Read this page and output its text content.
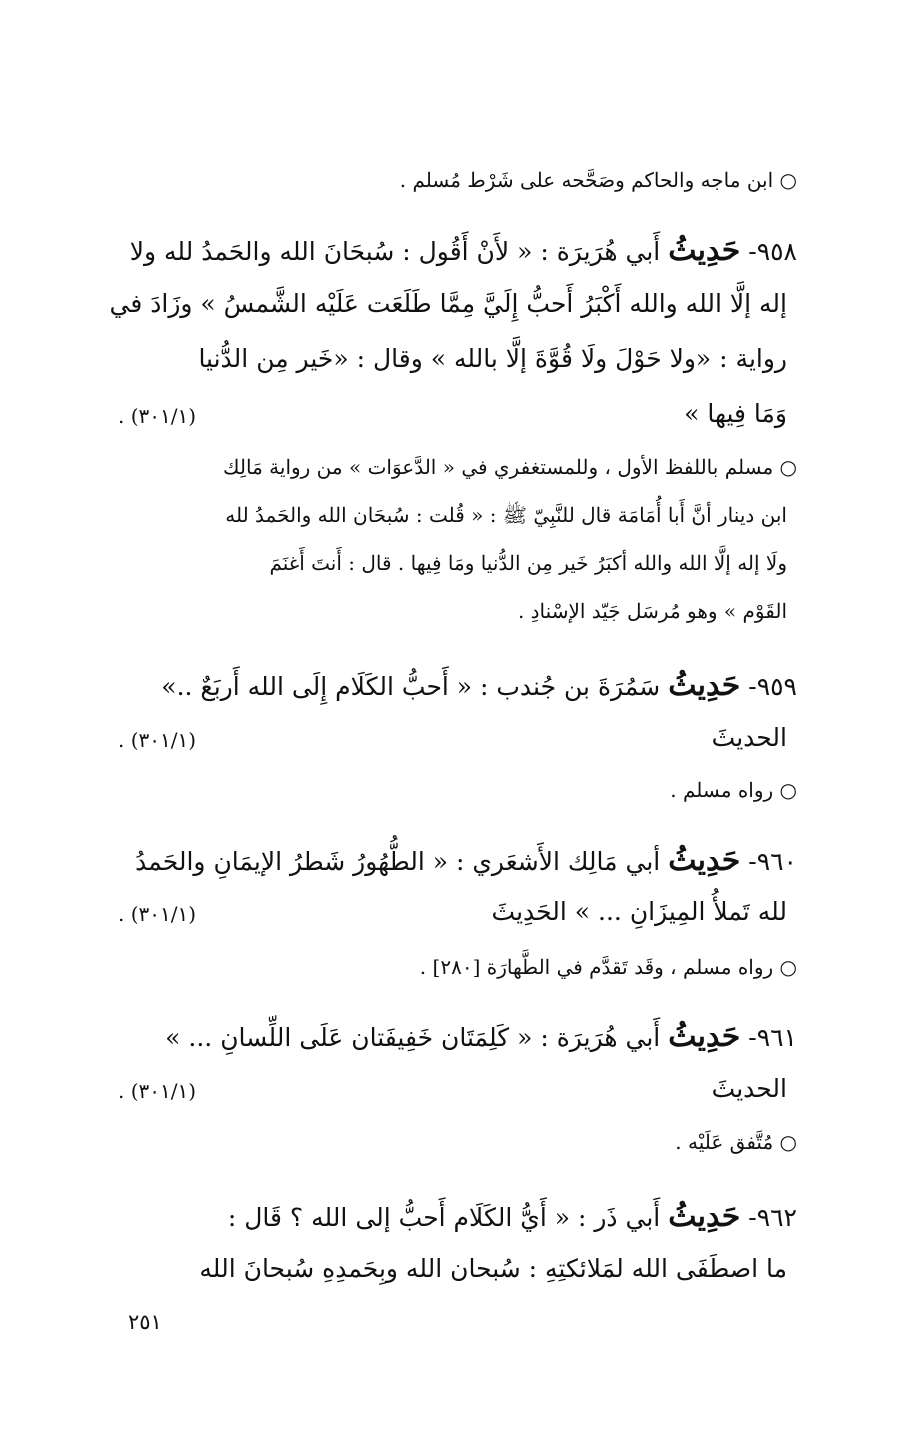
○ ابن ماجه والحاكم وصَحَّحه على شَرْط مُسلم .
٩٥٨- حَدِيثُ أَبي هُرَيرَة : « لأَنْ أَقُول : سُبحَانَ الله والحَمدُ لله ولا
إله إلَّا الله والله أَكْبَرُ أَحبُّ إِلَيَّ مِمَّا طَلَعَت عَلَيْه الشَّمسُ » وزَادَ في
رواية : «ولا حَوْلَ ولَا قُوَّةَ إلَّا بالله » وقال : «خَير مِن الدُّنيا
وَمَا فِيها »
(٣٠١/١) .
○ مسلم باللفظ الأول ، وللمستغفري في « الدَّعوَات » من رواية مَالِك
ابن دينار أنَّ أَبا أُمَامَة قال للنَّبِيّ ﷺ : « قُلت : سُبحَان الله والحَمدُ لله
ولَا إله إلَّا الله والله أكبَرُ خَير مِن الدُّنيا ومَا فِيها . قال : أَنتَ أَغنَمَ
القَوْم » وهو مُرسَل جَيّد الإسْنادِ .
٩٥٩- حَدِيثُ سَمُرَةَ بن جُندب : « أَحبُّ الكَلَام إِلَى الله أَربَعٌ ..»
الحديثَ
(٣٠١/١) .
○ رواه مسلم .
٩٦٠- حَدِيثُ أبي مَالِك الأَشعَري : « الطُّهُورُ شَطرُ الإيمَانِ والحَمدُ
لله تَملأُ المِيزَانِ ... » الحَدِيثَ
(٣٠١/١) .
○ رواه مسلم ، وقَد تَقدَّم في الطَّهارَة [٢٨٠] .
٩٦١- حَدِيثُ أَبي هُرَيرَة : « كَلِمَتَان خَفِيفَتان عَلَى اللِّسانِ ... »
الحديثَ
(٣٠١/١) .
○ مُتَّفق عَلَيْه .
٩٦٢- حَدِيثُ أَبي ذَر : « أَيُّ الكَلَام أَحبُّ إلى الله ؟ قَال :
ما اصطَفَى الله لمَلائكتِهِ : سُبحان الله وبِحَمدِهِ سُبحانَ الله
٢٥١
